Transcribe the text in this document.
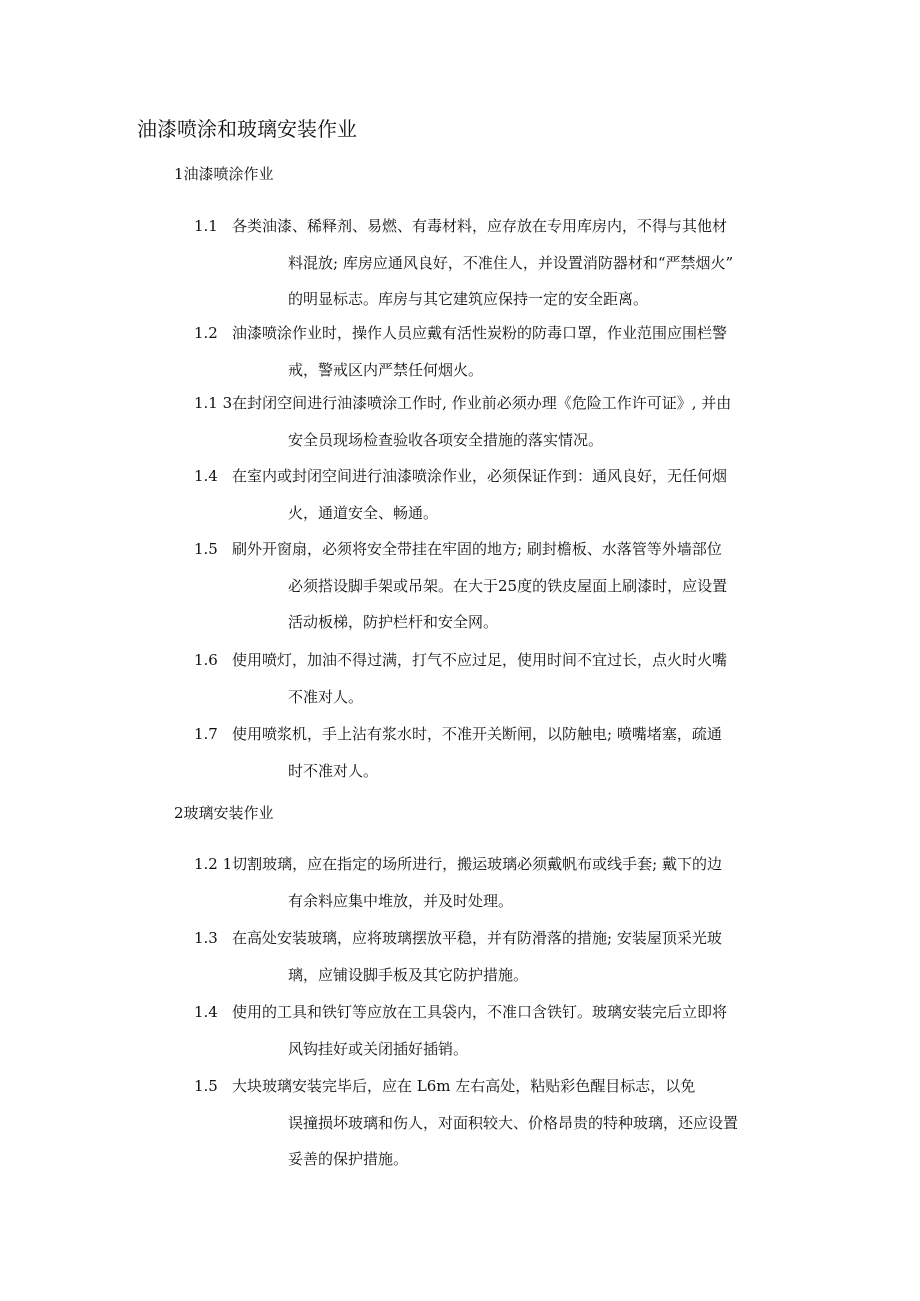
油漆喷涂和玻璃安装作业
1油漆喷涂作业
1.1 各类油漆、稀释剂、易燃、有毒材料，应存放在专用库房内，不得与其他材
料混放; 库房应通风良好，不准住人，并设置消防器材和“严禁烟火”
的明显标志。库房与其它建筑应保持一定的安全距离。
1.2 油漆喷涂作业时，操作人员应戴有活性炭粉的防毒口罩，作业范围应围栏警
戒，警戒区内严禁任何烟火。
1.1 3在封闭空间进行油漆喷涂工作时, 作业前必须办理《危险工作许可证》, 并由
安全员现场检查验收各项安全措施的落实情况。
1.4 在室内或封闭空间进行油漆喷涂作业，必须保证作到：通风良好，无任何烟
火，通道安全、畅通。
1.5 刷外开窗扇，必须将安全带挂在牢固的地方; 刷封檐板、水落管等外墙部位
必须搭设脚手架或吊架。在大于25度的铁皮屋面上刷漆时，应设置
活动板梯，防护栏杆和安全网。
1.6 使用喷灯，加油不得过满，打气不应过足，使用时间不宜过长，点火时火嘴
不准对人。
1.7 使用喷浆机，手上沾有浆水时，不准开关断闸，以防触电; 喷嘴堵塞，疏通
时不准对人。
2玻璃安装作业
1.2 1切割玻璃，应在指定的场所进行，搬运玻璃必须戴帆布或线手套; 戴下的边
有余料应集中堆放，并及时处理。
1.3 在高处安装玻璃，应将玻璃摆放平稳，并有防滑落的措施; 安装屋顶采光玻
璃，应铺设脚手板及其它防护措施。
1.4 使用的工具和铁钉等应放在工具袋内，不准口含铁钉。玻璃安装完后立即将
风钩挂好或关闭插好插销。
1.5 大块玻璃安装完毕后，应在 L6m 左右高处，粘贴彩色醒目标志，以免
误撞损坏玻璃和伤人，对面积较大、价格昂贵的特种玻璃，还应设置
妥善的保护措施。
